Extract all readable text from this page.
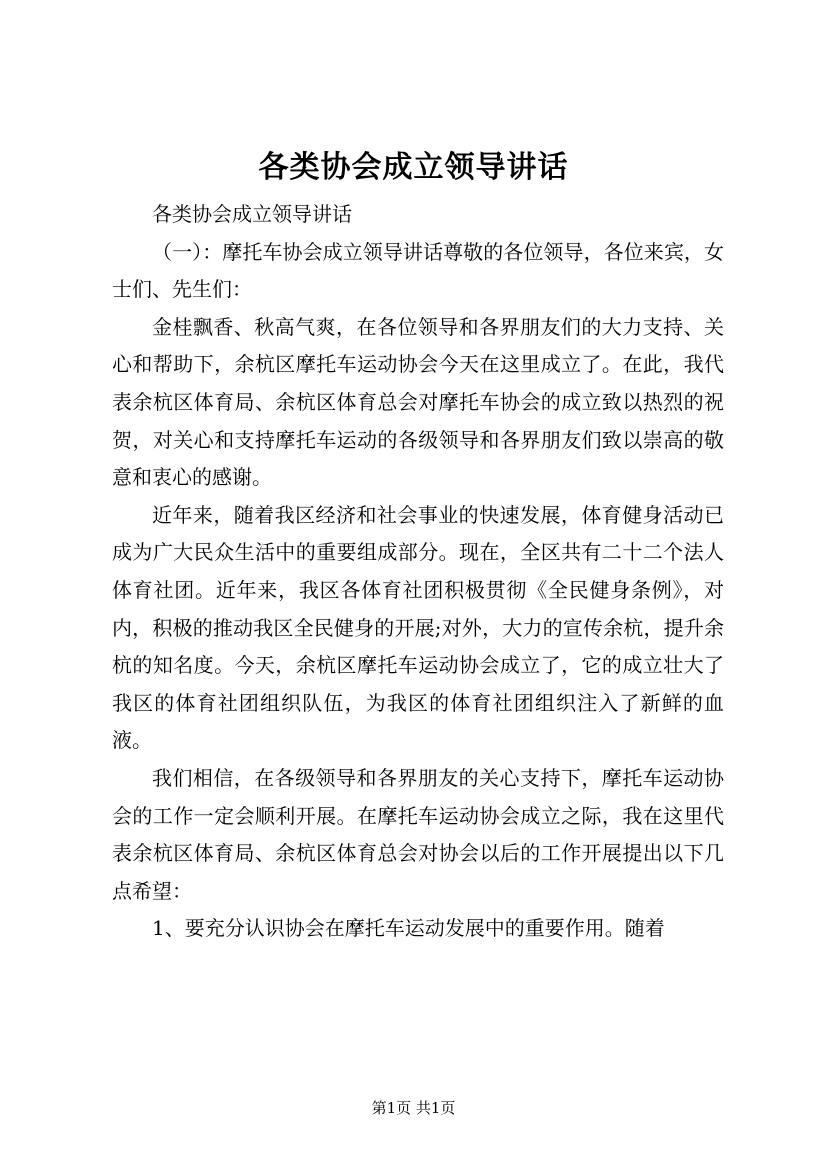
各类协会成立领导讲话

各类协会成立领导讲话

（一）：摩托车协会成立领导讲话尊敬的各位领导，各位来宾，女士们、先生们：

金桂飘香、秋高气爽，在各位领导和各界朋友们的大力支持、关心和帮助下，余杭区摩托车运动协会今天在这里成立了。在此，我代表余杭区体育局、余杭区体育总会对摩托车协会的成立致以热烈的祝贺，对关心和支持摩托车运动的各级领导和各界朋友们致以崇高的敬意和衷心的感谢。

近年来，随着我区经济和社会事业的快速发展，体育健身活动已成为广大民众生活中的重要组成部分。现在，全区共有二十二个法人体育社团。近年来，我区各体育社团积极贯彻《全民健身条例》，对内，积极的推动我区全民健身的开展;对外，大力的宣传余杭，提升余杭的知名度。今天，余杭区摩托车运动协会成立了，它的成立壮大了我区的体育社团组织队伍，为我区的体育社团组织注入了新鲜的血液。

我们相信，在各级领导和各界朋友的关心支持下，摩托车运动协会的工作一定会顺利开展。在摩托车运动协会成立之际，我在这里代表余杭区体育局、余杭区体育总会对协会以后的工作开展提出以下几点希望：

1、要充分认识协会在摩托车运动发展中的重要作用。随着

第1页 共1页
